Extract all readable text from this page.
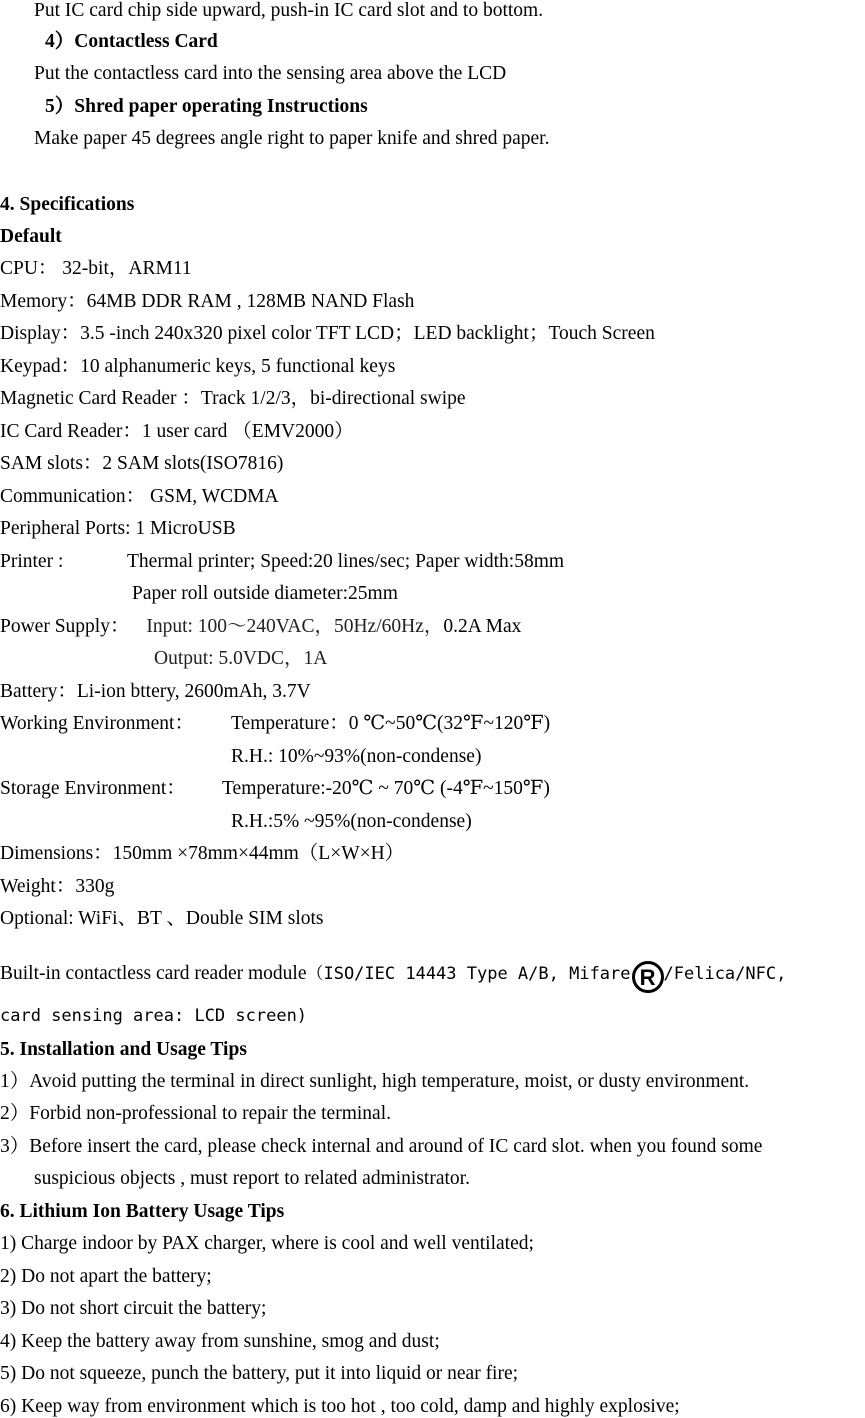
Put IC card chip side upward, push-in IC card slot and to bottom.
4）Contactless Card
Put the contactless card into the sensing area above the LCD
5）Shred paper operating Instructions
Make paper 45 degrees angle right to paper knife and shred paper.
4. Specifications
Default
CPU： 32-bit，ARM11
Memory：64MB DDR RAM , 128MB NAND Flash
Display：3.5 -inch 240x320 pixel color TFT LCD；LED backlight；Touch Screen
Keypad：10 alphanumeric keys, 5 functional keys
Magnetic Card Reader ：Track 1/2/3，bi-directional swipe
IC Card Reader：1 user card （EMV2000）
SAM slots：2 SAM slots(ISO7816)
Communication： GSM, WCDMA
Peripheral Ports: 1 MicroUSB
Printer :	Thermal printer; Speed:20 lines/sec; Paper width:58mm
Paper roll outside diameter:25mm
Power Supply： Input: 100～240VAC，50Hz/60Hz，0.2A Max
Output: 5.0VDC，1A
Battery：Li-ion bttery, 2600mAh, 3.7V
Working Environment： Temperature：0 ℃~50℃(32℉~120℉)
R.H.: 10%~93%(non-condense)
Storage Environment： Temperature:-20℃ ~ 70℃ (-4℉~150℉)
R.H.:5% ~95%(non-condense)
Dimensions：150mm ×78mm×44mm（L×W×H）
Weight：330g
Optional: WiFi、BT 、Double SIM slots
Built-in contactless card reader module（ISO/IEC 14443 Type A/B, Mifare R /Felica/NFC,
card sensing area: LCD screen)
5. Installation and Usage Tips
1）Avoid putting the terminal in direct sunlight, high temperature, moist, or dusty environment.
2）Forbid non-professional to repair the terminal.
3）Before insert the card, please check internal and around of IC card slot. when you found some
suspicious objects , must report to related administrator.
6. Lithium Ion Battery Usage Tips
1) Charge indoor by PAX charger, where is cool and well ventilated;
2) Do not apart the battery;
3) Do not short circuit the battery;
4) Keep the battery away from sunshine, smog and dust;
5) Do not squeeze, punch the battery, put it into liquid or near fire;
6) Keep way from environment which is too hot , too cold, damp and highly explosive;
